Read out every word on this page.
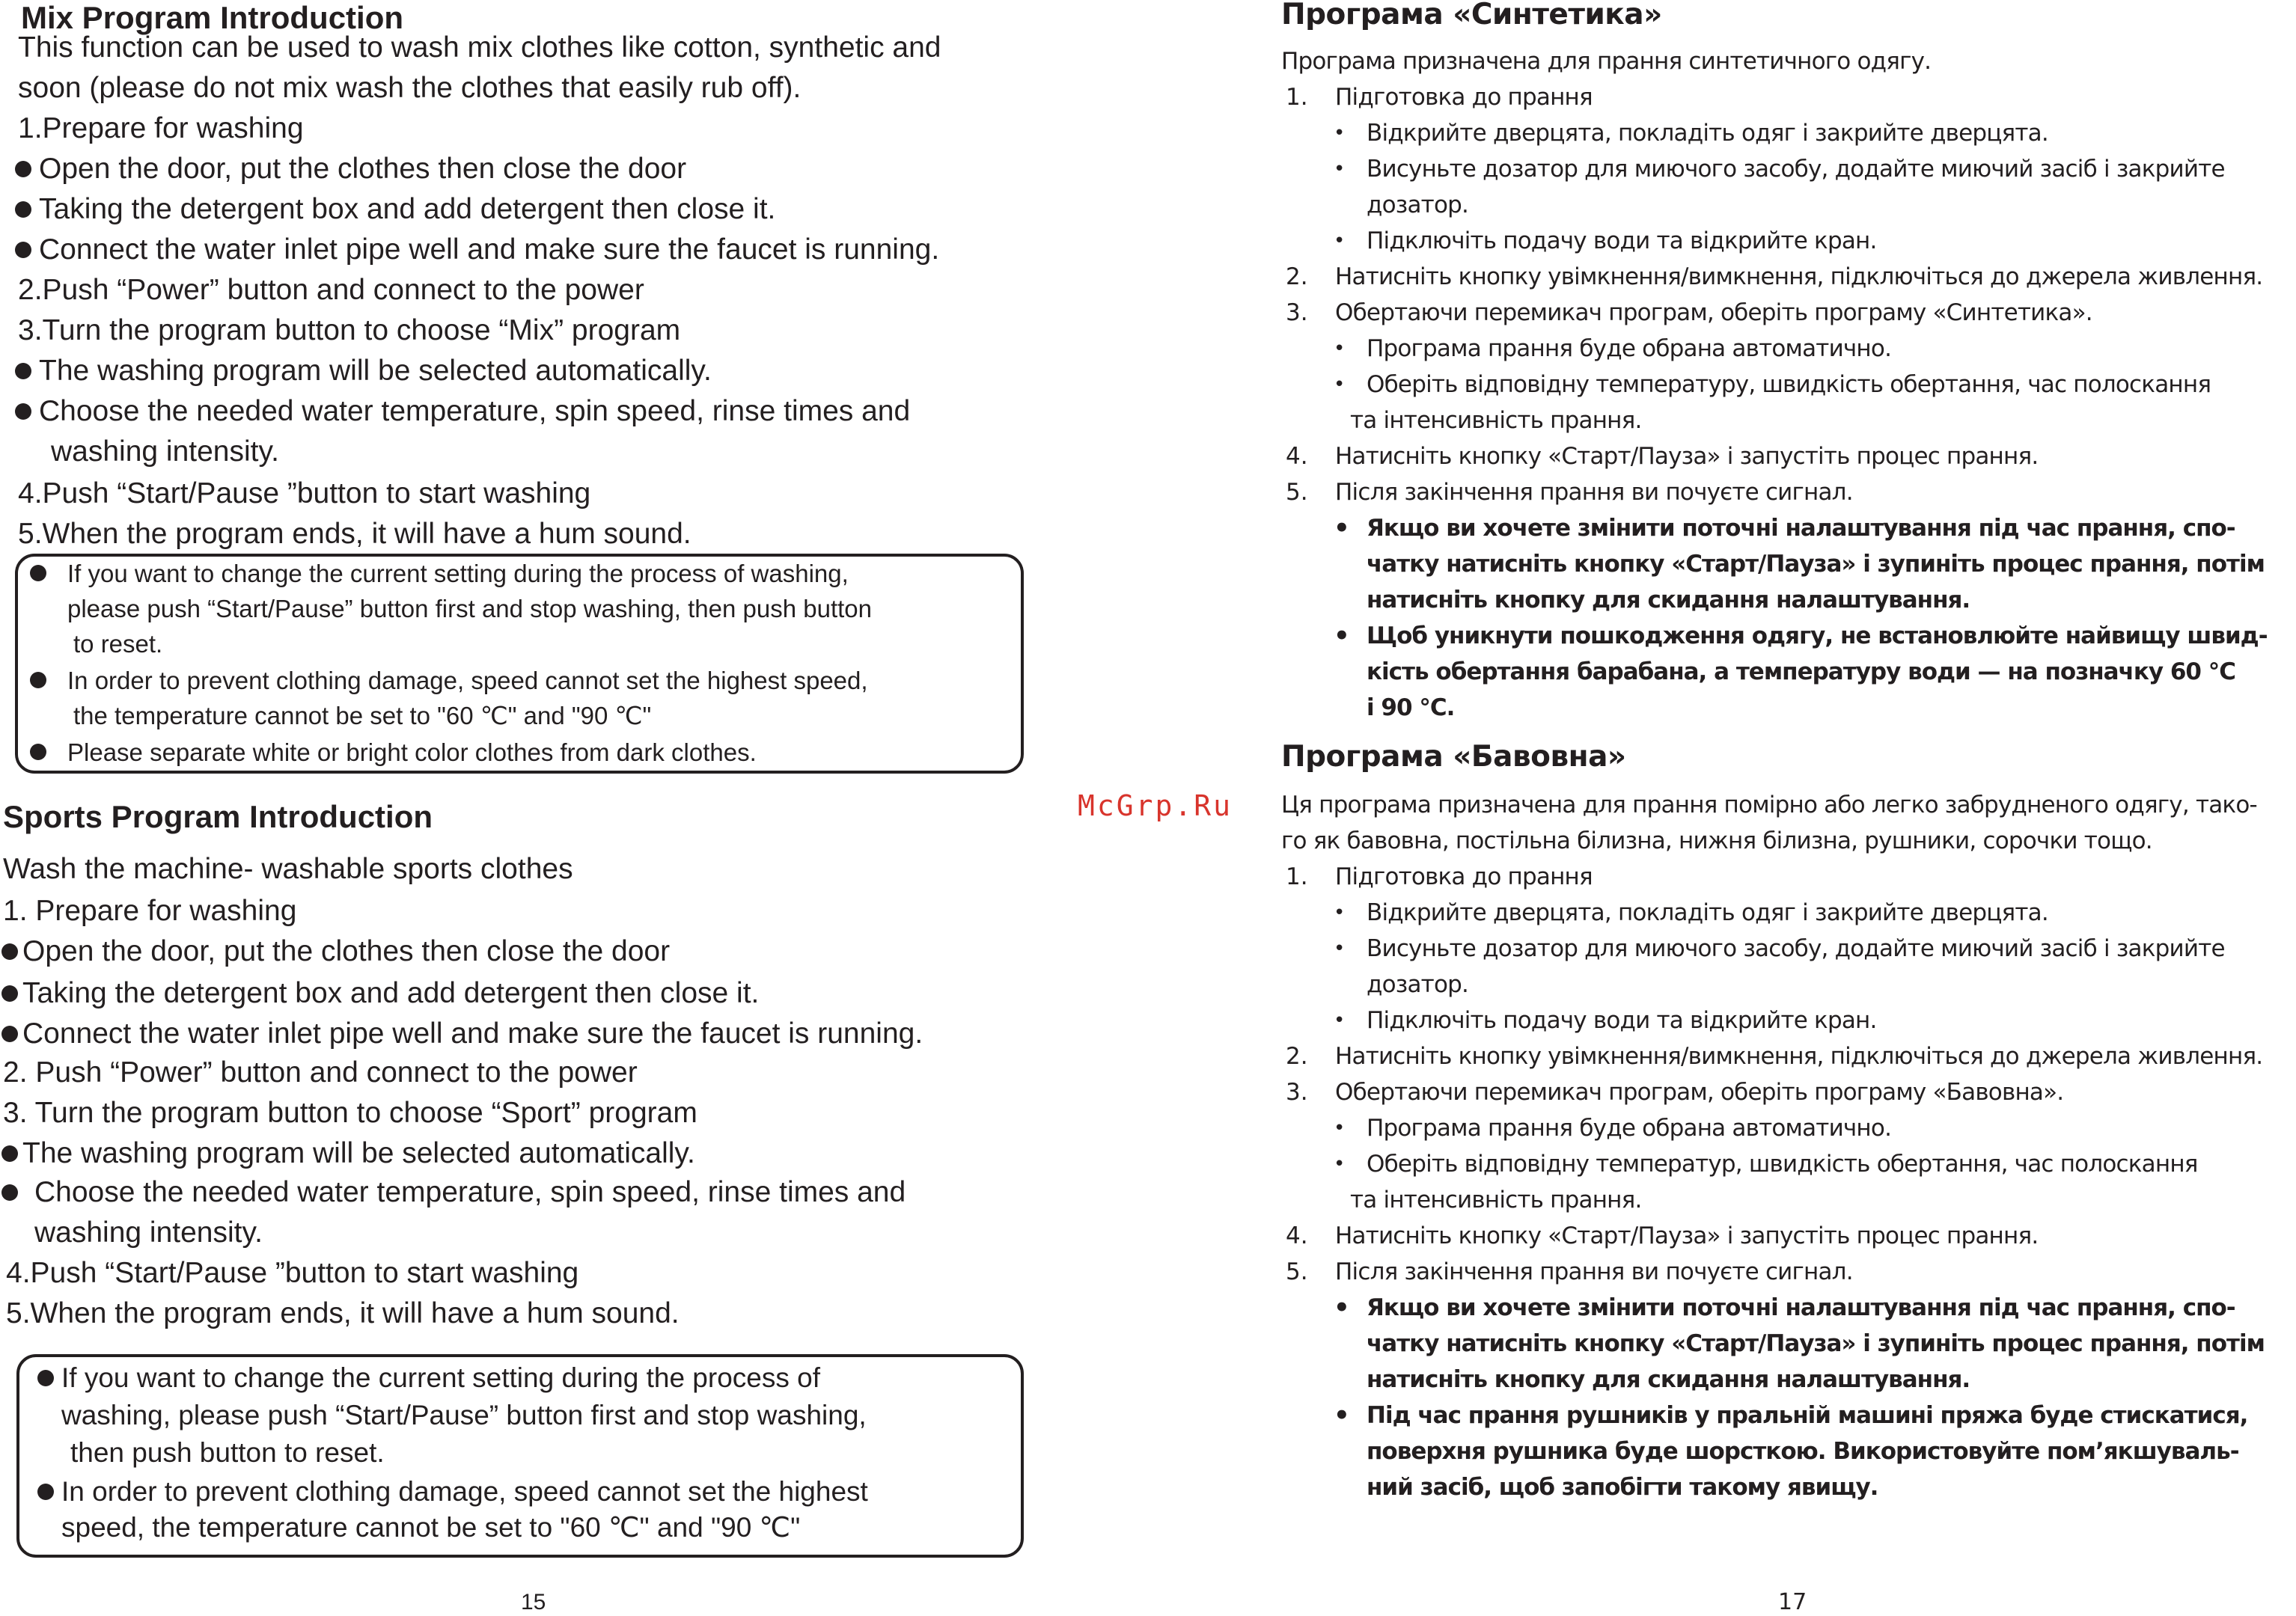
Mix Program Introduction
This function can be used to wash mix clothes like cotton, synthetic and
soon (please do not mix wash the clothes that easily rub off).
1.Prepare for washing
Open the door, put the clothes then close the door
Taking the detergent box and add detergent then close it.
Connect the water inlet pipe well and make sure the faucet is running.
2.Push “Power” button and connect to the power
3.Turn the program button to choose “Mix” program
The washing program will be selected automatically.
Choose the needed water temperature, spin speed, rinse times and
washing intensity.
4.Push “Start/Pause ”button to start washing
5.When the program ends, it will have a hum sound.
If you want to change the current setting during the process of washing,
please push “Start/Pause” button first and stop washing, then push button
to reset.
In order to prevent clothing damage, speed cannot set the highest speed,
the temperature cannot be set to "60 ℃" and "90 ℃"
Please separate white or bright color clothes from dark clothes.
Sports Program Introduction
Wash the machine- washable sports clothes
1. Prepare for washing
Open the door, put the clothes then close the door
Taking the detergent box and add detergent then close it.
Connect the water inlet pipe well and make sure the faucet is running.
2. Push “Power” button and connect to the power
3. Turn the program button to choose “Sport” program
The washing program will be selected automatically.
Choose the needed water temperature, spin speed, rinse times and
washing intensity.
4.Push “Start/Pause ”button to start washing
5.When the program ends, it will have a hum sound.
If you want to change the current setting during the process of
washing, please push “Start/Pause” button first and stop washing,
then push button to reset.
In order to prevent clothing damage, speed cannot set the highest
speed, the temperature cannot be set to "60 ℃" and "90 ℃"
15
McGrp.Ru
Програма «Синтетика»
Програма призначена для прання синтетичного одягу.
1. Підготовка до прання
• Відкрийте дверцята, покладіть одяг і закрийте дверцята.
• Висуньте дозатор для миючого засобу, додайте миючий засіб і закрийте
дозатор.
• Підключіть подачу води та відкрийте кран.
2. Натисніть кнопку увімкнення/вимкнення, підключіться до джерела живлення.
3. Обертаючи перемикач програм, оберіть програму «Синтетика».
• Програма прання буде обрана автоматично.
• Оберіть відповідну температуру, швидкість обертання, час полоскання
та інтенсивність прання.
4. Натисніть кнопку «Старт/Пауза» і запустіть процес прання.
5. Після закінчення прання ви почуєте сигнал.
• Якщо ви хочете змінити поточні налаштування під час прання, спо-
чатку натисніть кнопку «Старт/Пауза» і зупиніть процес прання, потім
натисніть кнопку для скидання налаштування.
• Щоб уникнути пошкодження одягу, не встановлюйте найвищу швид-
кість обертання барабана, а температуру води — на позначку 60 °С
і 90 °С.
Програма «Бавовна»
Ця програма призначена для прання помірно або легко забрудненого одягу, тако-
го як бавовна, постільна білизна, нижня білизна, рушники, сорочки тощо.
1. Підготовка до прання
• Відкрийте дверцята, покладіть одяг і закрийте дверцята.
• Висуньте дозатор для миючого засобу, додайте миючий засіб і закрийте
дозатор.
• Підключіть подачу води та відкрийте кран.
2. Натисніть кнопку увімкнення/вимкнення, підключіться до джерела живлення.
3. Обертаючи перемикач програм, оберіть програму «Бавовна».
• Програма прання буде обрана автоматично.
• Оберіть відповідну температур, швидкість обертання, час полоскання
та інтенсивність прання.
4. Натисніть кнопку «Старт/Пауза» і запустіть процес прання.
5. Після закінчення прання ви почуєте сигнал.
• Якщо ви хочете змінити поточні налаштування під час прання, спо-
чатку натисніть кнопку «Старт/Пауза» і зупиніть процес прання, потім
натисніть кнопку для скидання налаштування.
• Під час прання рушників у пральній машині пряжа буде стискатися,
поверхня рушника буде шорсткою. Використовуйте пом’якшуваль-
ний засіб, щоб запобігти такому явищу.
17
